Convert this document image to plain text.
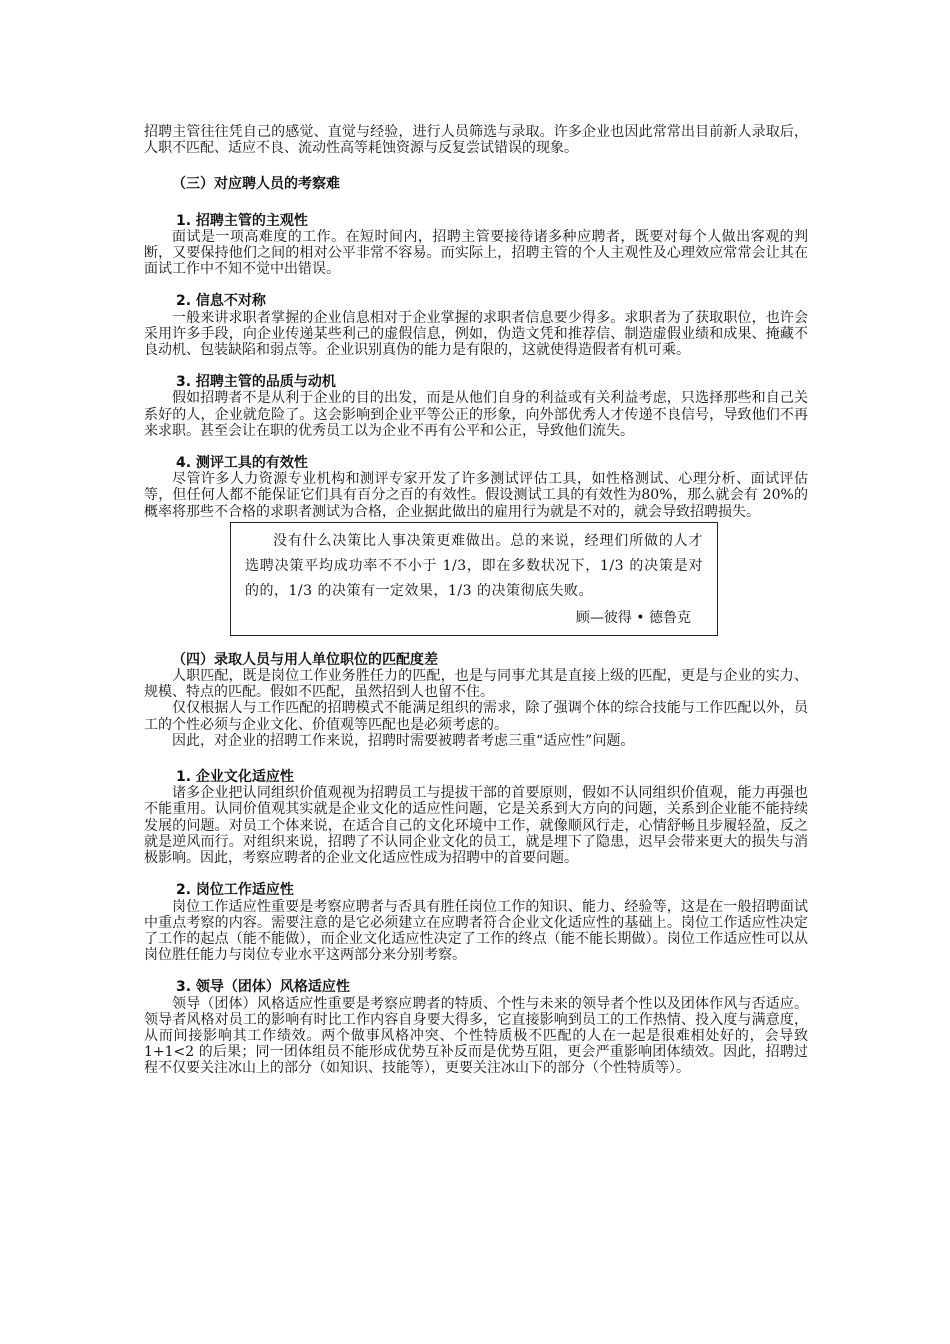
招聘主管往往凭自己的感觉、直觉与经验，进行人员筛选与录取。许多企业也因此常常出目前新人录取后，人职不匹配、适应不良、流动性高等耗蚀资源与反复尝试错误的现象。

（三）对应聘人员的考察难
1. 招聘主管的主观性

面试是一项高难度的工作。在短时间内，招聘主管要接待诸多种应聘者，既要对每个人做出客观的判断，又要保持他们之间的相对公平非常不容易。而实际上，招聘主管的个人主观性及心理效应常常会让其在面试工作中不知不觉中出错误。

2. 信息不对称

一般来讲求职者掌握的企业信息相对于企业掌握的求职者信息要少得多。求职者为了获取职位，也许会采用许多手段，向企业传递某些利己的虚假信息，例如，伪造文凭和推荐信、制造虚假业绩和成果、掩藏不良动机、包装缺陷和弱点等。企业识别真伪的能力是有限的，这就使得造假者有机可乘。

3. 招聘主管的品质与动机

假如招聘者不是从利于企业的目的出发，而是从他们自身的利益或有关利益考虑，只选择那些和自己关系好的人，企业就危险了。这会影响到企业平等公正的形象，向外部优秀人才传递不良信号，导致他们不再来求职。甚至会让在职的优秀员工以为企业不再有公平和公正，导致他们流失。

4. 测评工具的有效性

尽管许多人力资源专业机构和测评专家开发了许多测试评估工具，如性格测试、心理分析、面试评估等，但任何人都不能保证它们具有百分之百的有效性。假设测试工具的有效性为80%，那么就会有 20%的概率将那些不合格的求职者测试为合格，企业据此做出的雇用行为就是不对的，就会导致招聘损失。

没有什么决策比人事决策更难做出。总的来说，经理们所做的人才选聘决策平均成功率不不小于 1/3，即在多数状况下，1/3 的决策是对的的，1/3 的决策有一定效果，1/3 的决策彻底失败。

顾—彼得 • 德鲁克
（四）录取人员与用人单位职位的匹配度差

人职匹配，既是岗位工作业务胜任力的匹配，也是与同事尤其是直接上级的匹配，更是与企业的实力、规模、特点的匹配。假如不匹配，虽然招到人也留不住。

仅仅根据人与工作匹配的招聘模式不能满足组织的需求，除了强调个体的综合技能与工作匹配以外，员工的个性必须与企业文化、价值观等匹配也是必须考虑的。

因此，对企业的招聘工作来说，招聘时需要被聘者考虑三重“适应性”问题。

1. 企业文化适应性

诸多企业把认同组织价值观视为招聘员工与提拔干部的首要原则，假如不认同组织价值观，能力再强也不能重用。认同价值观其实就是企业文化的适应性问题，它是关系到大方向的问题，关系到企业能不能持续发展的问题。对员工个体来说，在适合自己的文化环境中工作，就像顺风行走，心情舒畅且步履轻盈，反之就是逆风而行。对组织来说，招聘了不认同企业文化的员工，就是埋下了隐患，迟早会带来更大的损失与消极影响。因此，考察应聘者的企业文化适应性成为招聘中的首要问题。

2. 岗位工作适应性

岗位工作适应性重要是考察应聘者与否具有胜任岗位工作的知识、能力、经验等，这是在一般招聘面试中重点考察的内容。需要注意的是它必须建立在应聘者符合企业文化适应性的基础上。岗位工作适应性决定了工作的起点（能不能做），而企业文化适应性决定了工作的终点（能不能长期做）。岗位工作适应性可以从岗位胜任能力与岗位专业水平这两部分来分别考察。

3. 领导（团体）风格适应性

领导（团体）风格适应性重要是考察应聘者的特质、个性与未来的领导者个性以及团体作风与否适应。领导者风格对员工的影响有时比工作内容自身要大得多，它直接影响到员工的工作热情、投入度与满意度，从而间接影响其工作绩效。两个做事风格冲突、个性特质极不匹配的人在一起是很难相处好的，会导致 1+1<2 的后果；同一团体组员不能形成优势互补反而是优势互阻，更会严重影响团体绩效。因此，招聘过程不仅要关注冰山上的部分（如知识、技能等），更要关注冰山下的部分（个性特质等）。
